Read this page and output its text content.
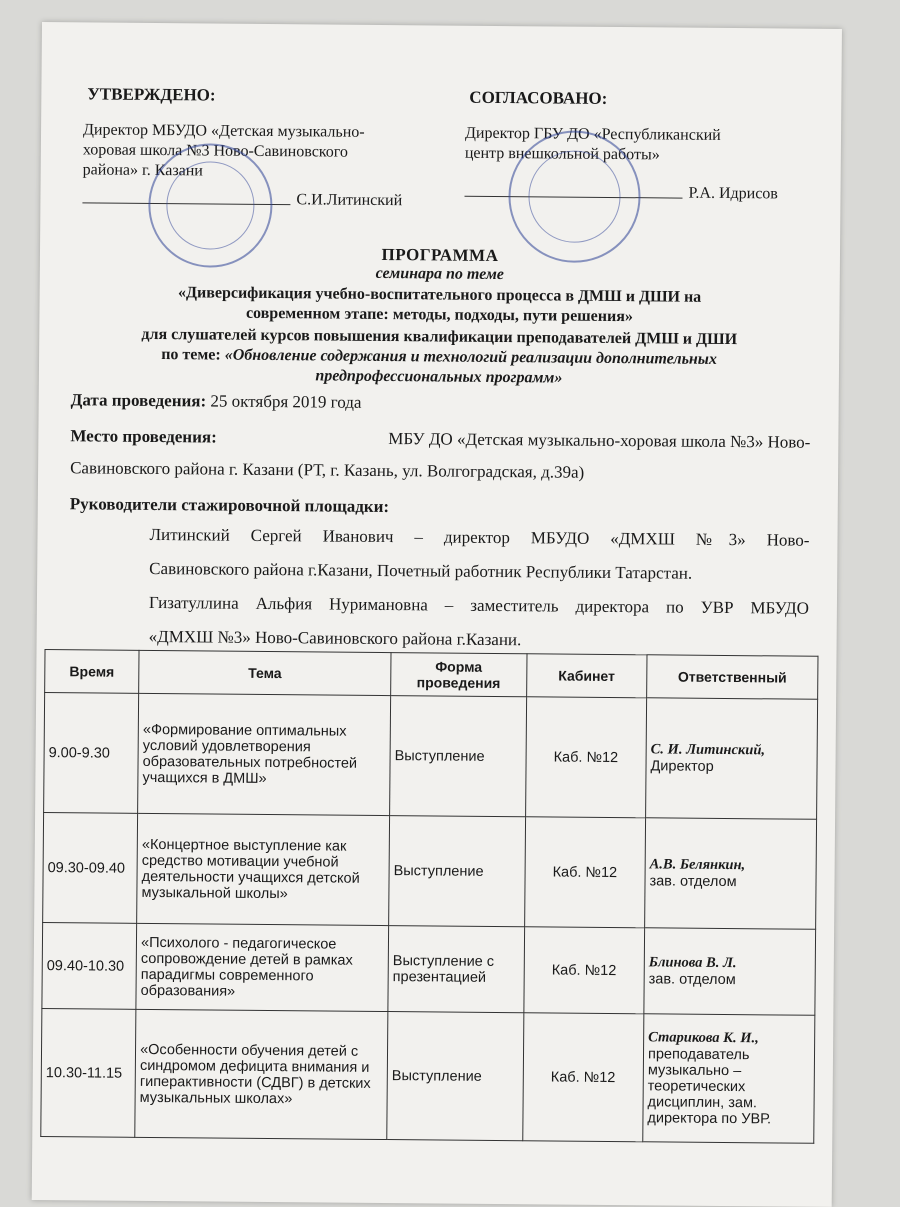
УТВЕРЖДЕНО:
Директор МБУДО «Детская музыкально-
хоровая школа №3 Ново-Савиновского
района» г. Казани
С.И.Литинский
СОГЛАСОВАНО:
Директор ГБУ ДО «Республиканский
центр внешкольной работы»
Р.А. Идрисов
ПРОГРАММА
семинара по теме
«Диверсификация учебно-воспитательного процесса в ДМШ и ДШИ на
современном этапе: методы, подходы, пути решения»
для слушателей курсов повышения квалификации преподавателей ДМШ и ДШИ
по теме: «Обновление содержания и технологий реализации дополнительных
предпрофессиональных программ»
Дата проведения: 25 октября 2019 года
Место проведения:	МБУ ДО «Детская музыкально-хоровая школа №3» Ново-
Савиновского района г. Казани (РТ, г. Казань, ул. Волгоградская, д.39а)
Руководители стажировочной площадки:
Литинский Сергей Иванович – директор МБУДО «ДМХШ №3» Ново-
Савиновского района г.Казани, Почетный работник Республики Татарстан.
Гизатуллина Альфия Нуримановна – заместитель директора по УВР МБУДО
«ДМХШ №3» Ново-Савиновского района г.Казани.
Время	Тема	Форма проведения	Кабинет	Ответственный
9.00-9.30	«Формирование оптимальных условий удовлетворения образовательных потребностей учащихся в ДМШ»	Выступление	Каб. №12	С. И. Литинский,
Директор

09.30-09.40	«Концертное выступление как средство мотивации учебной деятельности учащихся детской музыкальной школы»	Выступление	Каб. №12	А.В. Белянкин,
зав. отделом

09.40-10.30	«Психолого - педагогическое сопровождение детей в рамках парадигмы современного образования»	Выступление с презентацией	Каб. №12	Блинова В. Л.
зав. отделом

10.30-11.15	«Особенности обучения детей с синдромом дефицита внимания и гиперактивности (СДВГ) в детских музыкальных школах»	Выступление	Каб. №12	Старикова К. И.,
преподаватель музыкально – теоретических дисциплин, зам. директора по УВР.
